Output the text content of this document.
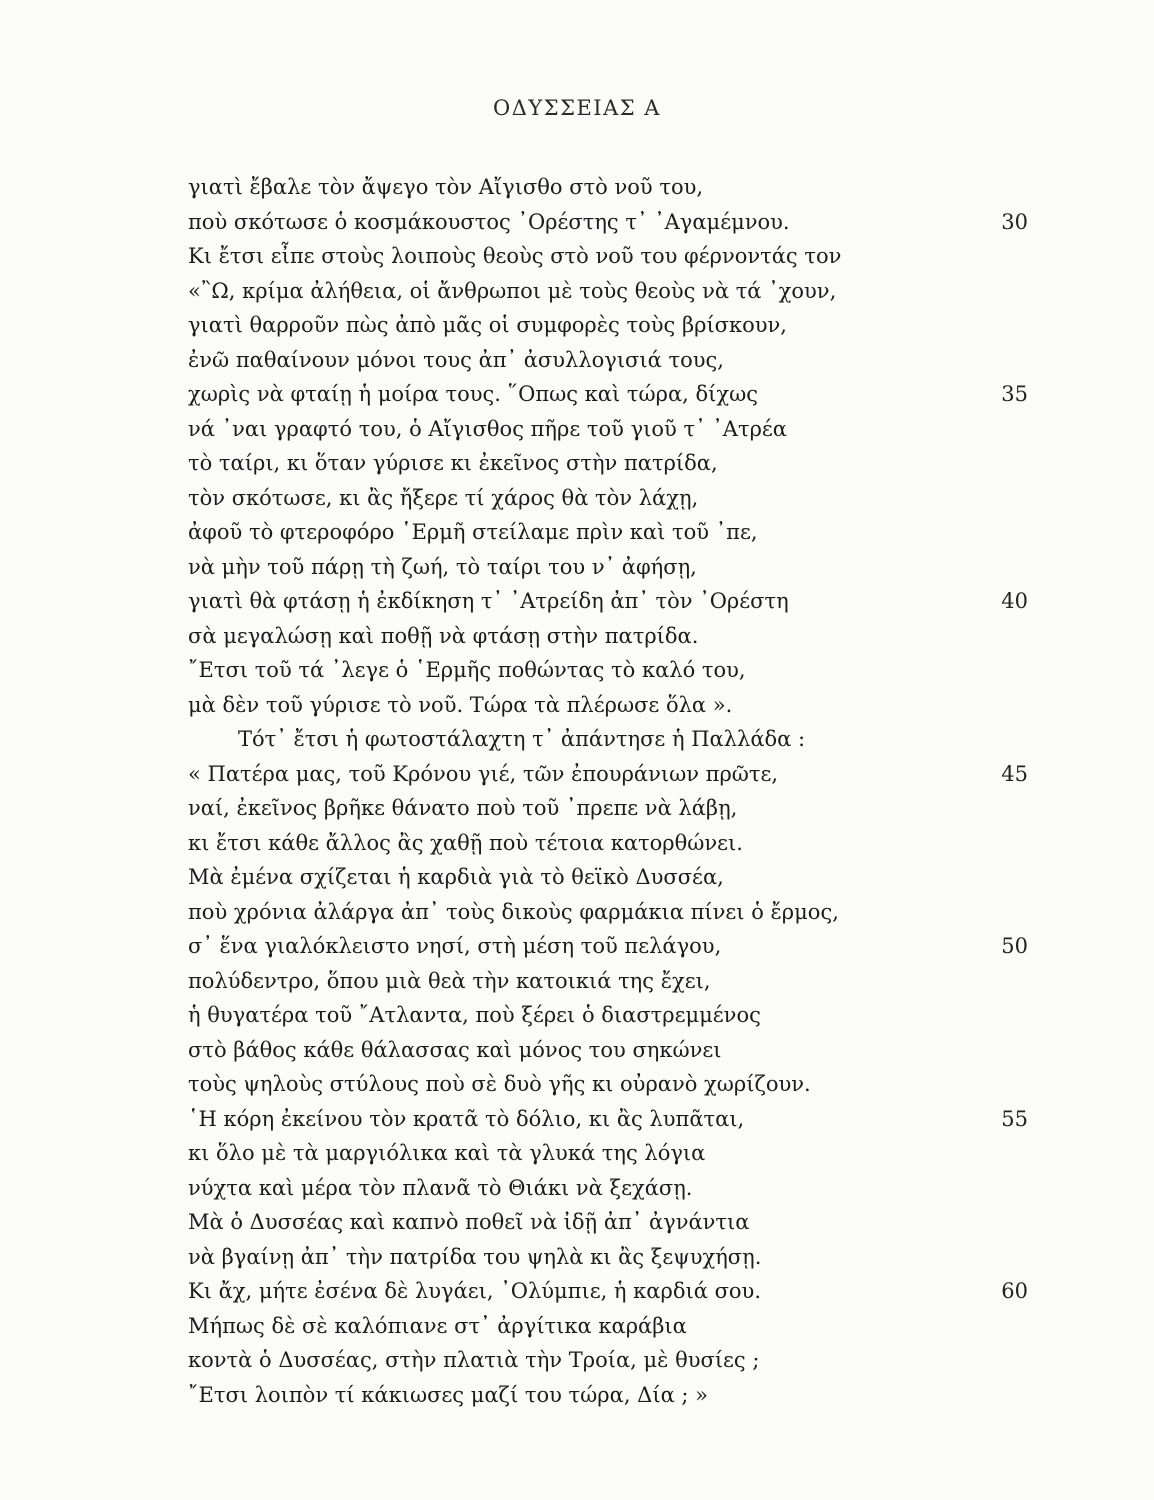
ΟΔΥΣΣΕΙΑΣ Α
γιατὶ ἔβαλε τὸν ἄψεγο τὸν Αἴγισθο στὸ νοῦ του,
ποὺ σκότωσε ὁ κοσμάκουστος ᾿Ορέστης τ᾿ ᾿Αγαμέμνου.	30
Κι ἔτσι εἶπε στοὺς λοιποὺς θεοὺς στὸ νοῦ του φέρνοντάς τον
«῍Ω, κρίμα ἀλήθεια, οἱ ἄνθρωποι μὲ τοὺς θεοὺς νὰ τά ᾿χουν,
γιατὶ θαρροῦν πὼς ἀπὸ μᾶς οἱ συμφορὲς τοὺς βρίσκουν,
ἐνῶ παθαίνουν μόνοι τους ἀπ᾿ ἀσυλλογισιά τους,
χωρὶς νὰ φταίῃ ἡ μοίρα τους. ῞Οπως καὶ τώρα, δίχως	35
νά ᾿ναι γραφτό του, ὁ Αἴγισθος πῆρε τοῦ γιοῦ τ᾿ ᾿Ατρέα
τὸ ταίρι, κι ὅταν γύρισε κι ἐκεῖνος στὴν πατρίδα,
τὸν σκότωσε, κι ἂς ἤξερε τί χάρος θὰ τὸν λάχῃ,
ἀφοῦ τὸ φτεροφόρο ῾Ερμῆ στείλαμε πρὶν καὶ τοῦ ᾿πε,
νὰ μὴν τοῦ πάρῃ τὴ ζωή, τὸ ταίρι του ν᾿ ἀφήσῃ,
γιατὶ θὰ φτάσῃ ἡ ἐκδίκηση τ᾿ ᾿Ατρείδη ἀπ᾿ τὸν ᾿Ορέστη	40
σὰ μεγαλώσῃ καὶ ποθῇ νὰ φτάσῃ στὴν πατρίδα.
῎Ετσι τοῦ τά ᾿λεγε ὁ ῾Ερμῆς ποθώντας τὸ καλό του,
μὰ δὲν τοῦ γύρισε τὸ νοῦ. Τώρα τὰ πλέρωσε ὅλα ».
Τότ᾿ ἔτσι ἡ φωτοστάλαχτη τ᾿ ἀπάντησε ἡ Παλλάδα :
« Πατέρα μας, τοῦ Κρόνου γιέ, τῶν ἐπουράνιων πρῶτε,	45
ναί, ἐκεῖνος βρῆκε θάνατο ποὺ τοῦ ᾿πρεπε νὰ λάβῃ,
κι ἔτσι κάθε ἄλλος ἂς χαθῇ ποὺ τέτοια κατορθώνει.
Μὰ ἐμένα σχίζεται ἡ καρδιὰ γιὰ τὸ θεϊκὸ Δυσσέα,
ποὺ χρόνια ἀλάργα ἀπ᾿ τοὺς δικοὺς φαρμάκια πίνει ὁ ἔρμος,
σ᾿ ἕνα γιαλόκλειστο νησί, στὴ μέση τοῦ πελάγου,	50
πολύδεντρο, ὅπου μιὰ θεὰ τὴν κατοικιά της ἔχει,
ἡ θυγατέρα τοῦ ῎Ατλαντα, ποὺ ξέρει ὁ διαστρεμμένος
στὸ βάθος κάθε θάλασσας καὶ μόνος του σηκώνει
τοὺς ψηλοὺς στύλους ποὺ σὲ δυὸ γῆς κι οὐρανὸ χωρίζουν.
῾Η κόρη ἐκείνου τὸν κρατᾶ τὸ δόλιο, κι ἂς λυπᾶται,	55
κι ὅλο μὲ τὰ μαργιόλικα καὶ τὰ γλυκά της λόγια
νύχτα καὶ μέρα τὸν πλανᾶ τὸ Θιάκι νὰ ξεχάσῃ.
Μὰ ὁ Δυσσέας καὶ καπνὸ ποθεῖ νὰ ἰδῇ ἀπ᾿ ἀγνάντια
νὰ βγαίνῃ ἀπ᾿ τὴν πατρίδα του ψηλὰ κι ἂς ξεψυχήσῃ.
Κι ἄχ, μήτε ἐσένα δὲ λυγάει, ᾿Ολύμπιε, ἡ καρδιά σου.	60
Μήπως δὲ σὲ καλόπιανε στ᾿ ἀργίτικα καράβια
κοντὰ ὁ Δυσσέας, στὴν πλατιὰ τὴν Τροία, μὲ θυσίες ;
῎Ετσι λοιπὸν τί κάκιωσες μαζί του τώρα, Δία ; »
